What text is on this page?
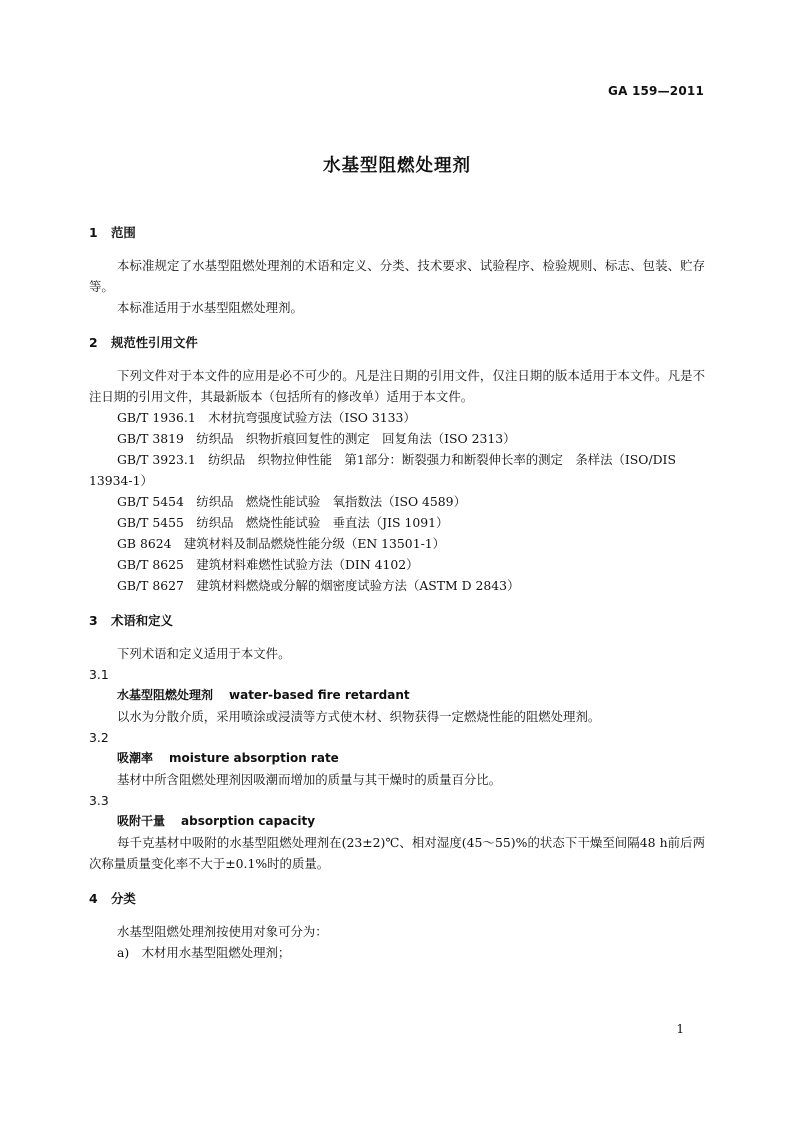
GA 159—2011
水基型阻燃处理剂
1 范围
本标准规定了水基型阻燃处理剂的术语和定义、分类、技术要求、试验程序、检验规则、标志、包装、贮存等。
本标准适用于水基型阻燃处理剂。
2 规范性引用文件
下列文件对于本文件的应用是必不可少的。凡是注日期的引用文件，仅注日期的版本适用于本文件。凡是不注日期的引用文件，其最新版本（包括所有的修改单）适用于本文件。
GB/T 1936.1　木材抗弯强度试验方法（ISO 3133）
GB/T 3819　纺织品　织物折痕回复性的测定　回复角法（ISO 2313）
GB/T 3923.1　纺织品　织物拉伸性能　第1部分：断裂强力和断裂伸长率的测定　条样法（ISO/DIS 13934-1）
GB/T 5454　纺织品　燃烧性能试验　氧指数法（ISO 4589）
GB/T 5455　纺织品　燃烧性能试验　垂直法（JIS 1091）
GB 8624　建筑材料及制品燃烧性能分级（EN 13501-1）
GB/T 8625　建筑材料难燃性试验方法（DIN 4102）
GB/T 8627　建筑材料燃烧或分解的烟密度试验方法（ASTM D 2843）
3 术语和定义
下列术语和定义适用于本文件。
3.1
水基型阻燃处理剂 water-based fire retardant
以水为分散介质，采用喷涂或浸渍等方式使木材、织物获得一定燃烧性能的阻燃处理剂。
3.2
吸潮率 moisture absorption rate
基材中所含阻燃处理剂因吸潮而增加的质量与其干燥时的质量百分比。
3.3
吸附干量 absorption capacity
每千克基材中吸附的水基型阻燃处理剂在(23±2)℃、相对湿度(45～55)%的状态下干燥至间隔48 h前后两次称量质量变化率不大于±0.1%时的质量。
4 分类
水基型阻燃处理剂按使用对象可分为：
a)　木材用水基型阻燃处理剂；
1
